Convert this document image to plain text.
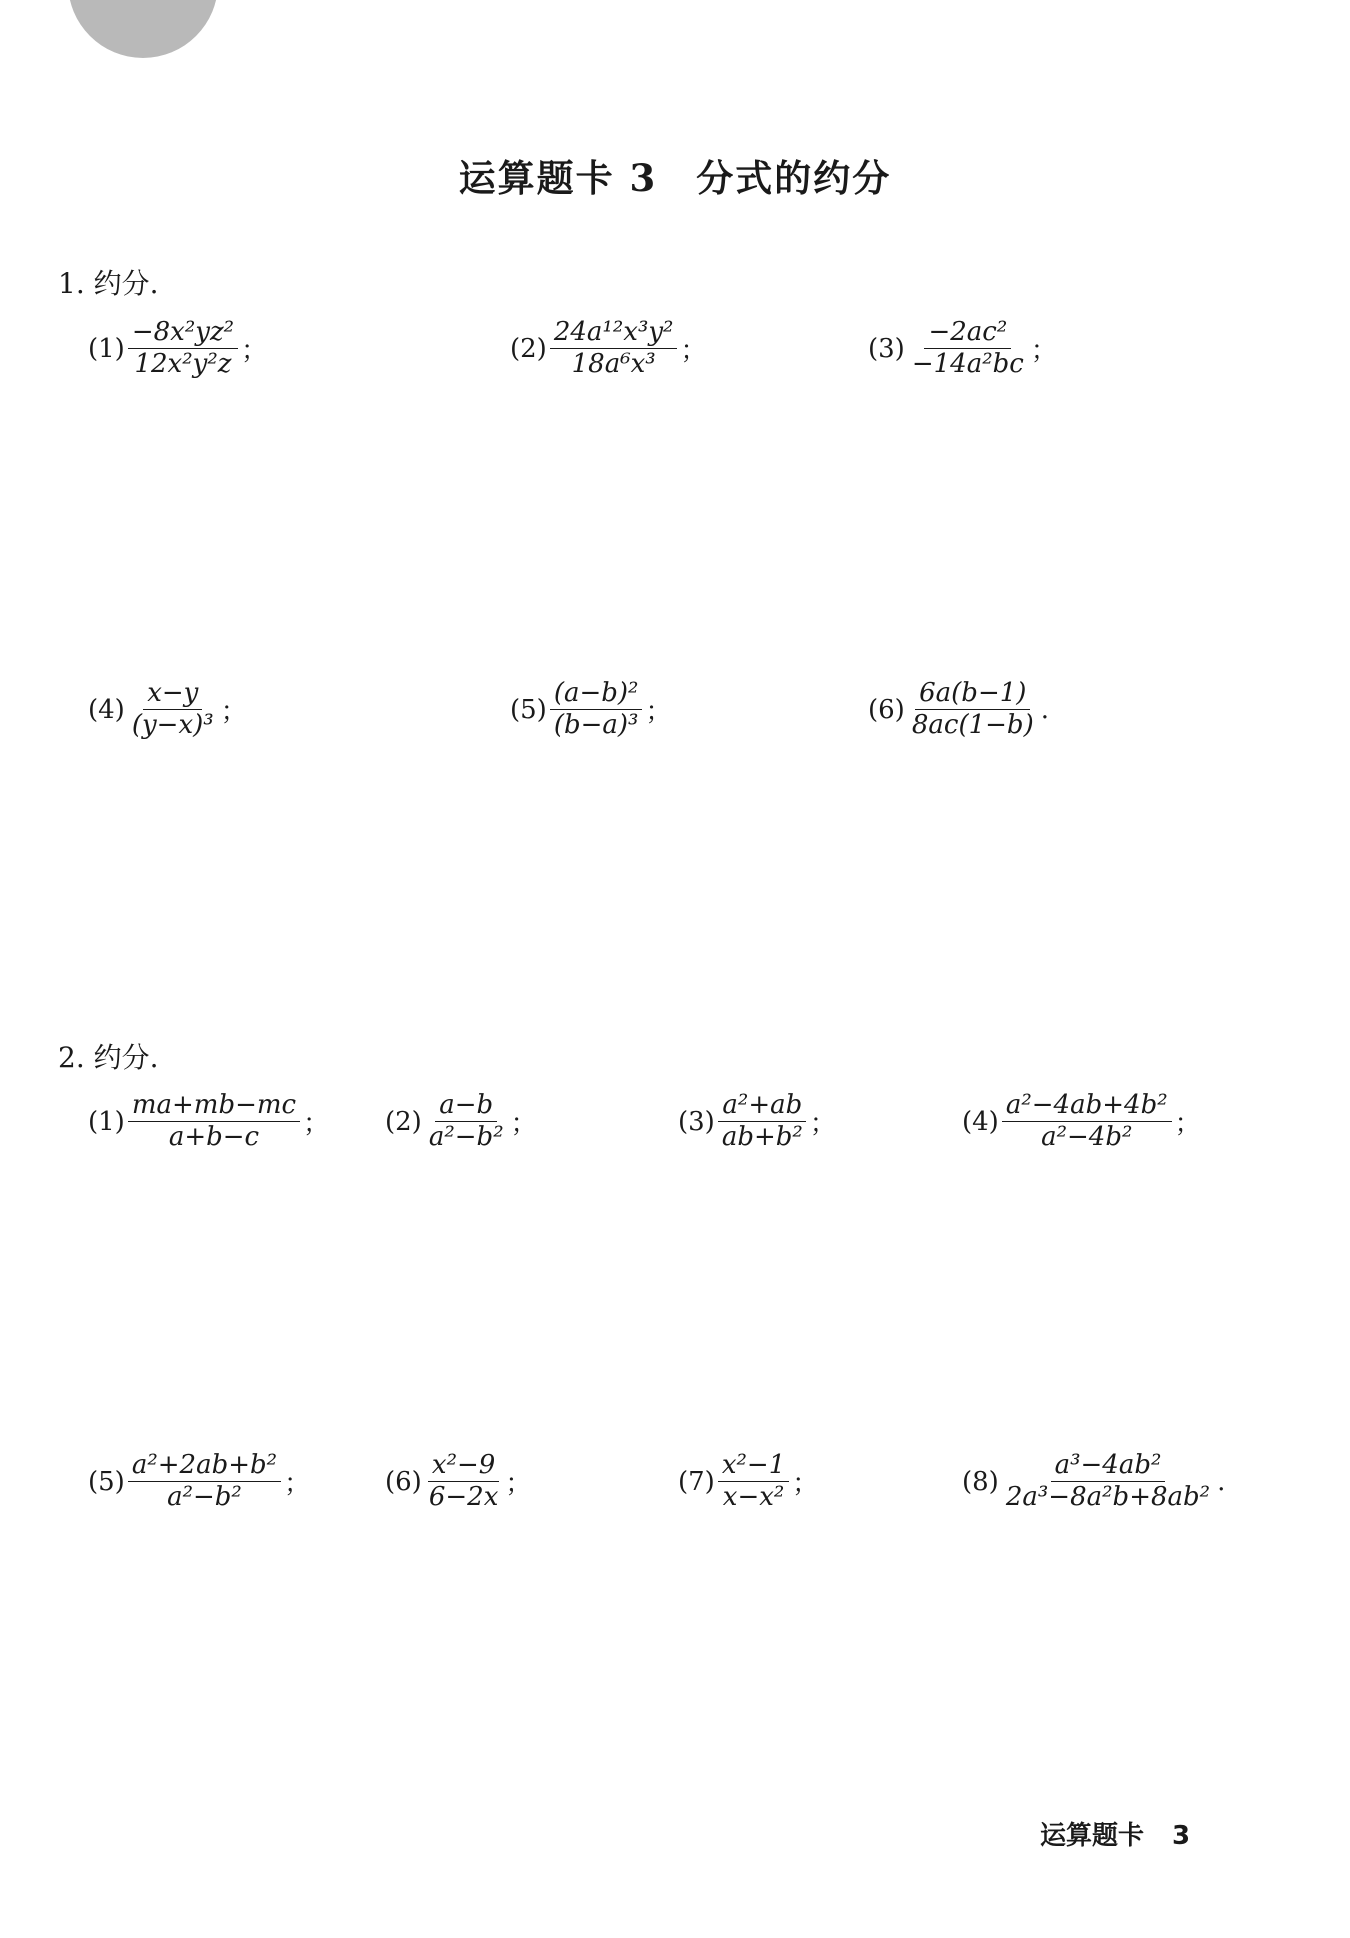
运算题卡 3　分式的约分
1. 约分.
$(1) \frac{\text{−8x²yz²}}{\text{12x²y²z}}$ ；	$(2) \frac{\text{24a¹²x³y²}}{\text{18a⁶x³}}$ ；	$(3) \frac{\text{−2ac²}}{\text{−14a²bc}}$ ；
$(4) \frac{x-y}{\text{(y−x)³}}$ ；	$(5) \frac{\text{(a−b)²}}{\text{(b−a)³}}$ ；	$(6) \frac{6a(b-1)}{8ac(1-b)}$ .
2. 约分.
$(1) \frac{ma+mb-mc}{a+b-c}$ ； $(2) \frac{a-b}{\text{a²−b²}}$ ；	$(3) \frac{\text{a²+ab}}{\text{ab+b²}}$ ；	$(4) \frac{\text{a²−4ab+4b²}}{\text{a²−4b²}}$ ；
$(5) \frac{\text{a²+2ab+b²}}{\text{a²−b²}}$ ；	$(6) \frac{\text{x²−9}}{6-2x}$ ；	$(7) \frac{\text{x²−1}}{\text{x−x²}}$ ；	$(8) \frac{\text{a³−4ab²}}{\text{2a³−8a²b+8ab²}}$ .
运算题卡 3
